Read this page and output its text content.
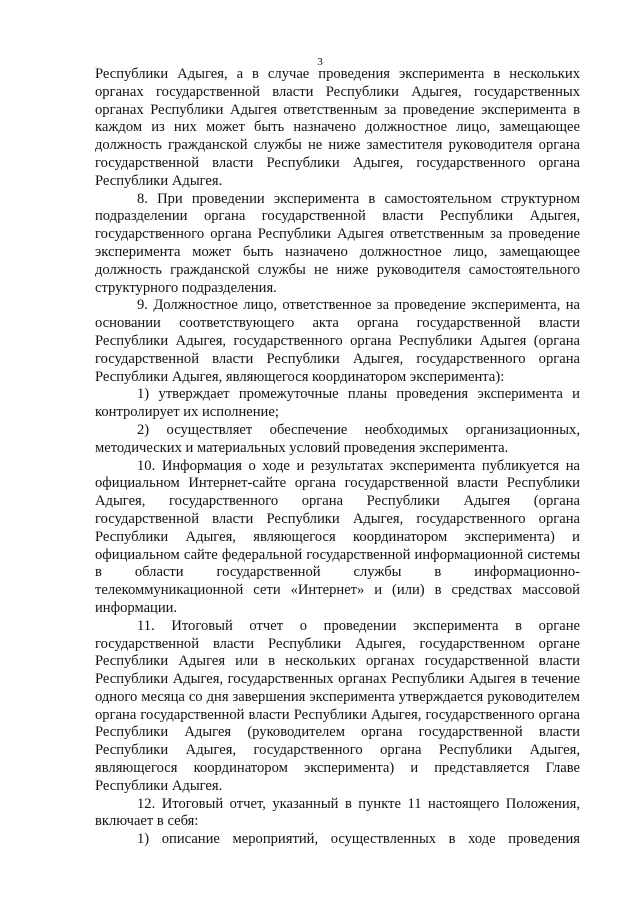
3

Республики Адыгея, а в случае проведения эксперимента в нескольких органах государственной власти Республики Адыгея, государственных органах Республики Адыгея ответственным за проведение эксперимента в каждом из них может быть назначено должностное лицо, замещающее должность гражданской службы не ниже заместителя руководителя органа государственной власти Республики Адыгея, государственного органа Республики Адыгея.

8. При проведении эксперимента в самостоятельном структурном подразделении органа государственной власти Республики Адыгея, государственного органа Республики Адыгея ответственным за проведение эксперимента может быть назначено должностное лицо, замещающее должность гражданской службы не ниже руководителя самостоятельного структурного подразделения.

9. Должностное лицо, ответственное за проведение эксперимента, на основании соответствующего акта органа государственной власти Республики Адыгея, государственного органа Республики Адыгея (органа государственной власти Республики Адыгея, государственного органа Республики Адыгея, являющегося координатором эксперимента):

1) утверждает промежуточные планы проведения эксперимента и контролирует их исполнение;

2) осуществляет обеспечение необходимых организационных, методических и материальных условий проведения эксперимента.

10. Информация о ходе и результатах эксперимента публикуется на официальном Интернет-сайте органа государственной власти Республики Адыгея, государственного органа Республики Адыгея (органа государственной власти Республики Адыгея, государственного органа Республики Адыгея, являющегося координатором эксперимента) и официальном сайте федеральной государственной информационной системы в области государственной службы в информационно-телекоммуникационной сети «Интернет» и (или) в средствах массовой информации.

11. Итоговый отчет о проведении эксперимента в органе государственной власти Республики Адыгея, государственном органе Республики Адыгея или в нескольких органах государственной власти Республики Адыгея, государственных органах Республики Адыгея в течение одного месяца со дня завершения эксперимента утверждается руководителем органа государственной власти Республики Адыгея, государственного органа Республики Адыгея (руководителем органа государственной власти Республики Адыгея, государственного органа Республики Адыгея, являющегося координатором эксперимента) и представляется Главе Республики Адыгея.

12. Итоговый отчет, указанный в пункте 11 настоящего Положения, включает в себя:

1) описание мероприятий, осуществленных в ходе проведения
